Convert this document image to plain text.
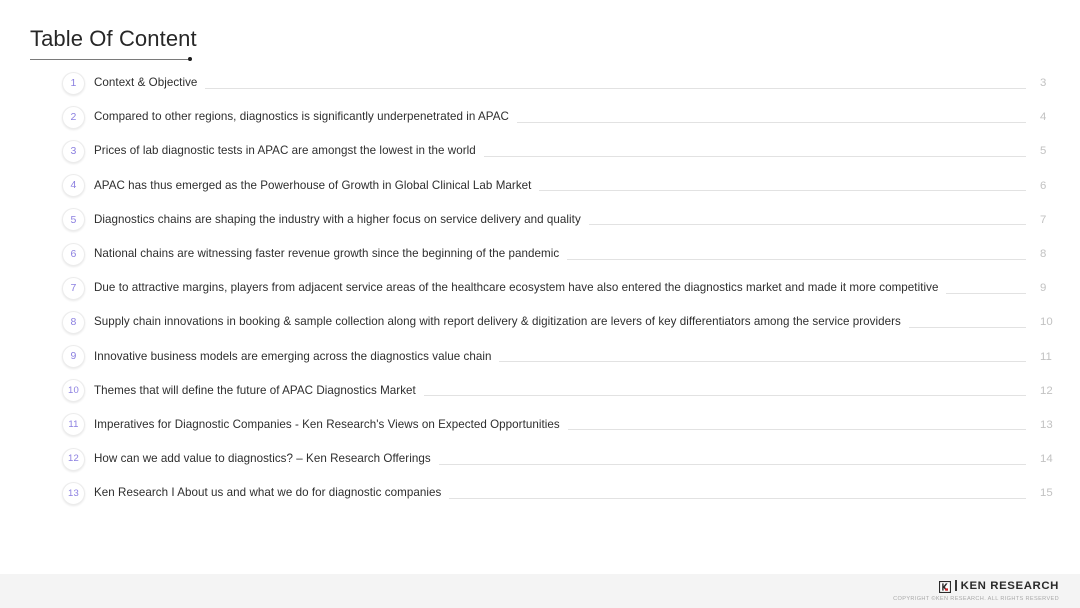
Table Of Content
1	Context & Objective	3
2	Compared to other regions, diagnostics is significantly underpenetrated in APAC	4
3	Prices of lab diagnostic tests in APAC are amongst the lowest in the world	5
4	APAC has thus emerged as the Powerhouse of Growth in Global Clinical Lab Market	6
5	Diagnostics chains are shaping the industry with a higher focus on service delivery and quality	7
6	National chains are witnessing faster revenue growth since the beginning of the pandemic	8
7	Due to attractive margins, players from adjacent service areas of the healthcare ecosystem have also entered the diagnostics market and made it more competitive	9
8	Supply chain innovations in booking & sample collection along with report delivery & digitization are levers of key differentiators among the service providers	10
9	Innovative business models are emerging across the diagnostics value chain	11
10	Themes that will define the future of APAC Diagnostics Market	12
11	Imperatives for Diagnostic Companies - Ken Research's Views on Expected Opportunities	13
12	How can we add value to diagnostics? – Ken Research Offerings	14
13	Ken Research I About us and what we do for diagnostic companies	15
KEN RESEARCH
COPYRIGHT ©KEN RESEARCH. ALL RIGHTS RESERVED
